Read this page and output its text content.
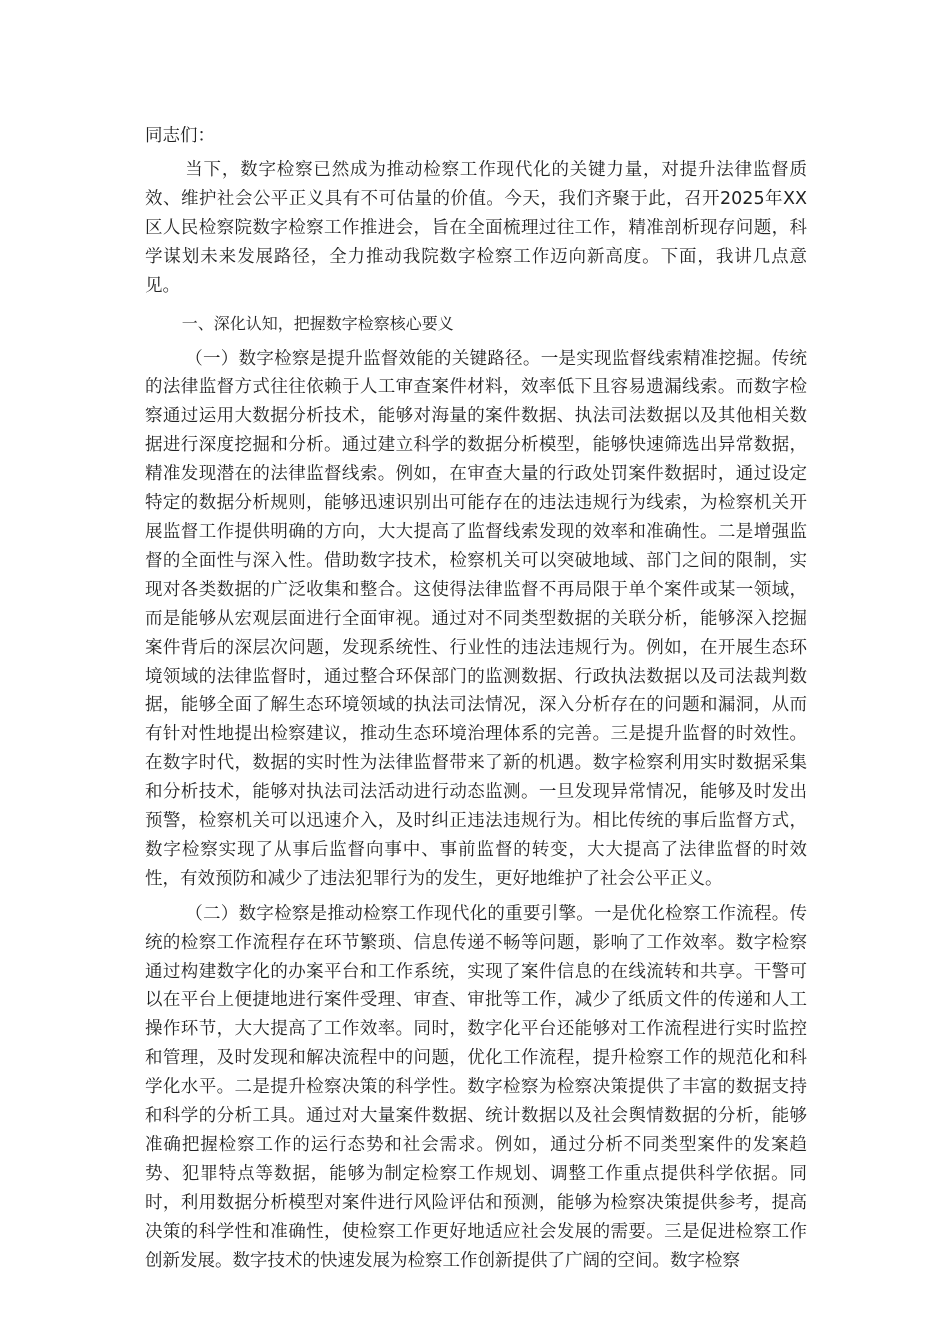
同志们：

当下，数字检察已然成为推动检察工作现代化的关键力量，对提升法律监督质效、维护社会公平正义具有不可估量的价值。今天，我们齐聚于此，召开2025年XX区人民检察院数字检察工作推进会，旨在全面梳理过往工作，精准剖析现存问题，科学谋划未来发展路径，全力推动我院数字检察工作迈向新高度。下面，我讲几点意见。

一、深化认知，把握数字检察核心要义

（一）数字检察是提升监督效能的关键路径。一是实现监督线索精准挖掘。传统的法律监督方式往往依赖于人工审查案件材料，效率低下且容易遗漏线索。而数字检察通过运用大数据分析技术，能够对海量的案件数据、执法司法数据以及其他相关数据进行深度挖掘和分析。通过建立科学的数据分析模型，能够快速筛选出异常数据，精准发现潜在的法律监督线索。例如，在审查大量的行政处罚案件数据时，通过设定特定的数据分析规则，能够迅速识别出可能存在的违法违规行为线索，为检察机关开展监督工作提供明确的方向，大大提高了监督线索发现的效率和准确性。二是增强监督的全面性与深入性。借助数字技术，检察机关可以突破地域、部门之间的限制，实现对各类数据的广泛收集和整合。这使得法律监督不再局限于单个案件或某一领域，而是能够从宏观层面进行全面审视。通过对不同类型数据的关联分析，能够深入挖掘案件背后的深层次问题，发现系统性、行业性的违法违规行为。例如，在开展生态环境领域的法律监督时，通过整合环保部门的监测数据、行政执法数据以及司法裁判数据，能够全面了解生态环境领域的执法司法情况，深入分析存在的问题和漏洞，从而有针对性地提出检察建议，推动生态环境治理体系的完善。三是提升监督的时效性。在数字时代，数据的实时性为法律监督带来了新的机遇。数字检察利用实时数据采集和分析技术，能够对执法司法活动进行动态监测。一旦发现异常情况，能够及时发出预警，检察机关可以迅速介入，及时纠正违法违规行为。相比传统的事后监督方式，数字检察实现了从事后监督向事中、事前监督的转变，大大提高了法律监督的时效性，有效预防和减少了违法犯罪行为的发生，更好地维护了社会公平正义。

（二）数字检察是推动检察工作现代化的重要引擎。一是优化检察工作流程。传统的检察工作流程存在环节繁琐、信息传递不畅等问题，影响了工作效率。数字检察通过构建数字化的办案平台和工作系统，实现了案件信息的在线流转和共享。干警可以在平台上便捷地进行案件受理、审查、审批等工作，减少了纸质文件的传递和人工操作环节，大大提高了工作效率。同时，数字化平台还能够对工作流程进行实时监控和管理，及时发现和解决流程中的问题，优化工作流程，提升检察工作的规范化和科学化水平。二是提升检察决策的科学性。数字检察为检察决策提供了丰富的数据支持和科学的分析工具。通过对大量案件数据、统计数据以及社会舆情数据的分析，能够准确把握检察工作的运行态势和社会需求。例如，通过分析不同类型案件的发案趋势、犯罪特点等数据，能够为制定检察工作规划、调整工作重点提供科学依据。同时，利用数据分析模型对案件进行风险评估和预测，能够为检察决策提供参考，提高决策的科学性和准确性，使检察工作更好地适应社会发展的需要。三是促进检察工作创新发展。数字技术的快速发展为检察工作创新提供了广阔的空间。数字检察
